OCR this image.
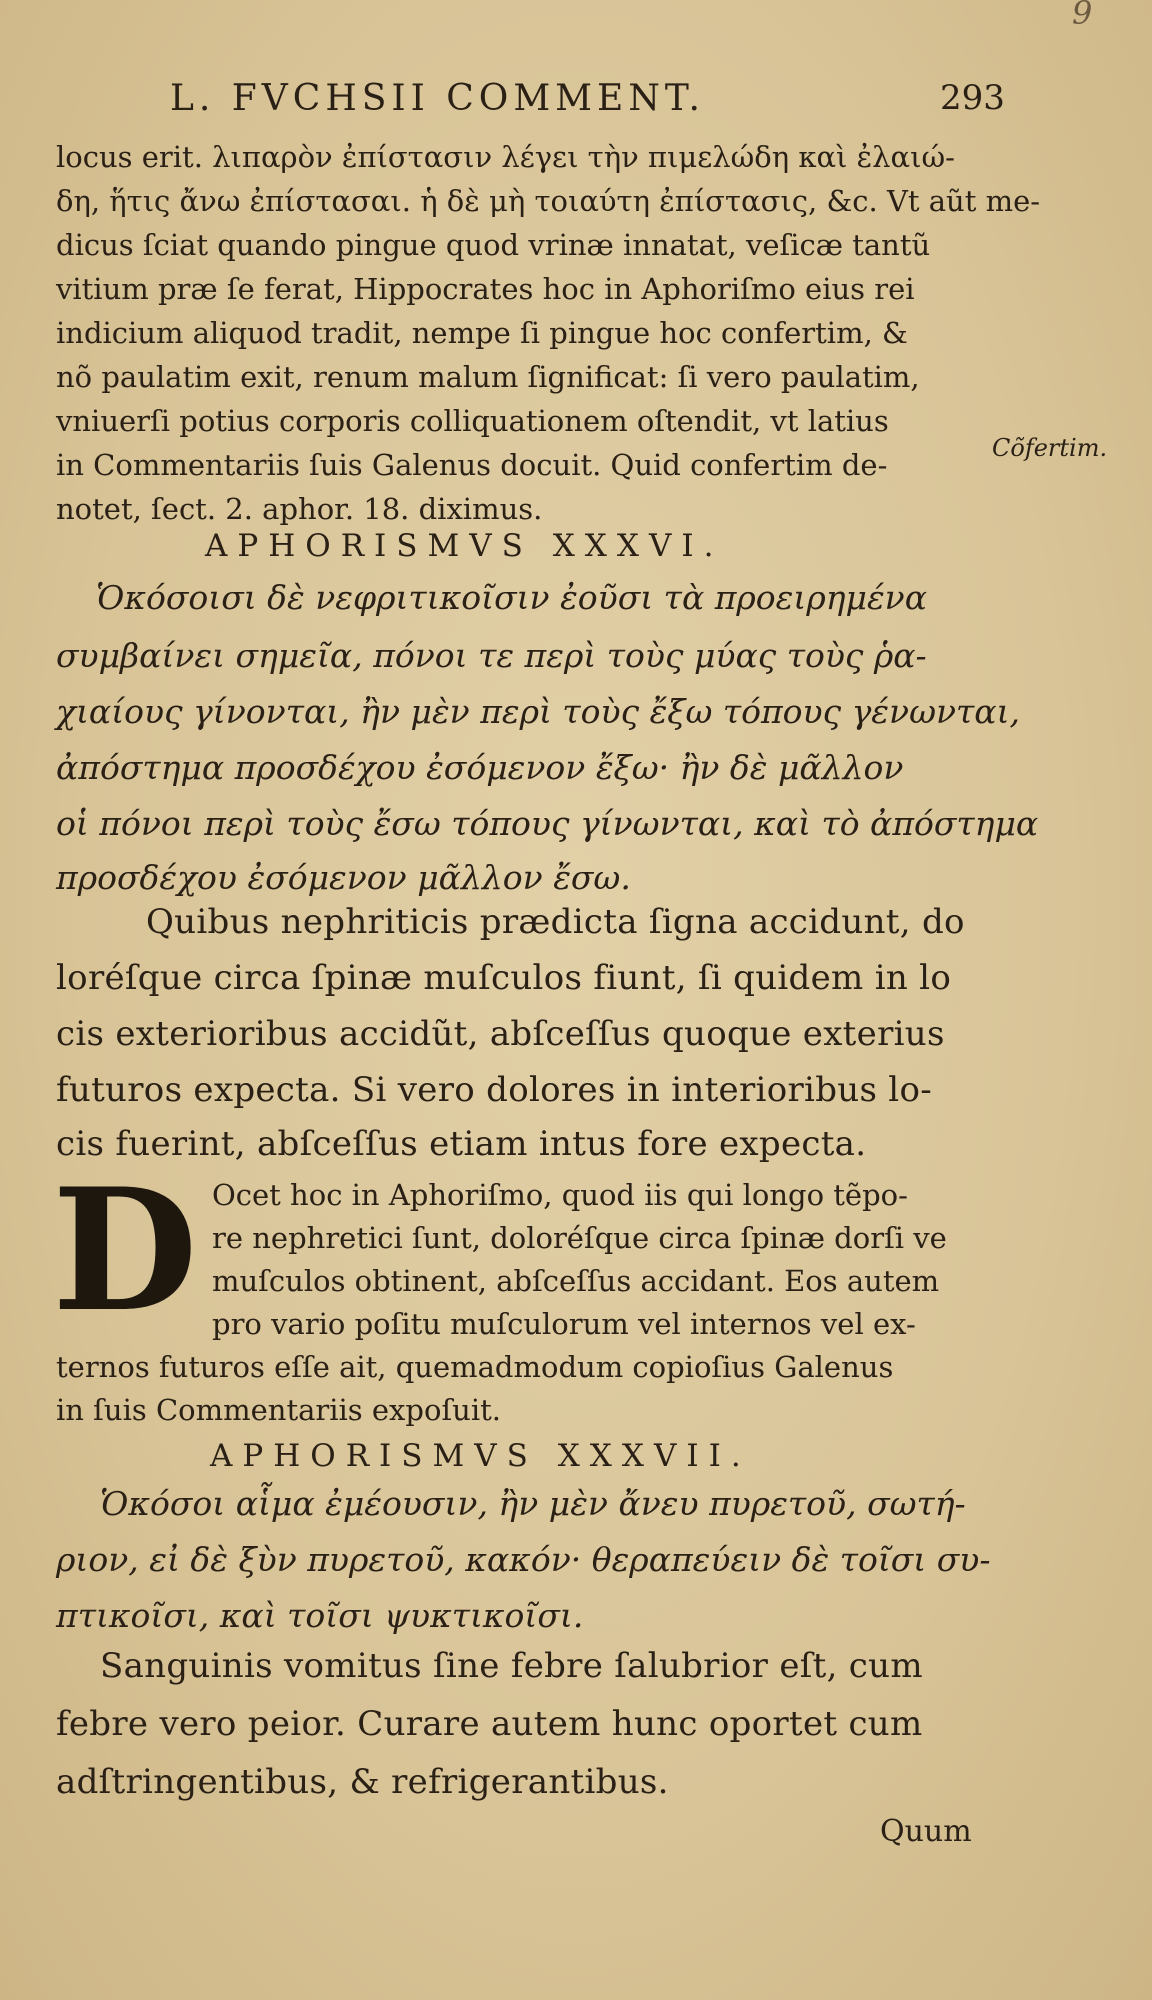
9
L. FVCHSII COMMENT.	293
locus erit. λιπαρὸν ἐπίστασιν λέγει τὴν πιμελώδη καὶ ἐλαιώ-
δη, ἥτις ἄνω ἐπίστασαι. ἡ δὲ μὴ τοιαύτη ἐπίστασις, &c. Vt aũt me-
dicus ſciat quando pingue quod vrinæ innatat, veſicæ tantũ
vitium præ ſe ferat, Hippocrates hoc in Aphoriſmo eius rei
indicium aliquod tradit, nempe ſi pingue hoc confertim, &
nõ paulatim exit, renum malum ſignificat: ſi vero paulatim,
vniuerſi potius corporis colliquationem oſtendit, vt latius
in Commentariis ſuis Galenus docuit. Quid confertim de-
notet, ſect. 2. aphor. 18. diximus.
Cõfertim.
APHORISMVS XXXVI.
Ὁκόσοισι δὲ νεφριτικοῖσιν ἐοῦσι τὰ προειρημένα
συμβαίνει σημεῖα, πόνοι τε περὶ τοὺς μύας τοὺς ῥα-
χιαίους γίνονται, ἢν μὲν περὶ τοὺς ἔξω τόπους γένωνται,
ἀπόστημα προσδέχου ἐσόμενον ἔξω· ἢν δὲ μᾶλλον
οἱ πόνοι περὶ τοὺς ἔσω τόπους γίνωνται, καὶ τὸ ἀπόστημα
προσδέχου ἐσόμενον μᾶλλον ἔσω.
Quibus nephriticis prædicta ſigna accidunt, do
loréſque circa ſpinæ muſculos fiunt, ſi quidem in lo
cis exterioribus accidũt, abſceſſus quoque exterius
futuros expecta. Si vero dolores in interioribus lo-
cis fuerint, abſceſſus etiam intus fore expecta.
D Ocet hoc in Aphoriſmo, quod iis qui longo tẽpo-
re nephretici ſunt, doloréſque circa ſpinæ dorſi ve
muſculos obtinent, abſceſſus accidant. Eos autem
pro vario poſitu muſculorum vel internos vel ex-
ternos futuros eſſe ait, quemadmodum copioſius Galenus
in ſuis Commentariis expoſuit.
APHORISMVS XXXVII.
Ὁκόσοι αἷμα ἐμέουσιν, ἢν μὲν ἄνευ πυρετοῦ, σωτή-
ριον, εἰ δὲ ξὺν πυρετοῦ, κακόν· θεραπεύειν δὲ τοῖσι συ-
πτικοῖσι, καὶ τοῖσι ψυκτικοῖσι.
Sanguinis vomitus ſine febre ſalubrior eſt, cum
febre vero peior. Curare autem hunc oportet cum
adſtringentibus, & refrigerantibus.
Quum
